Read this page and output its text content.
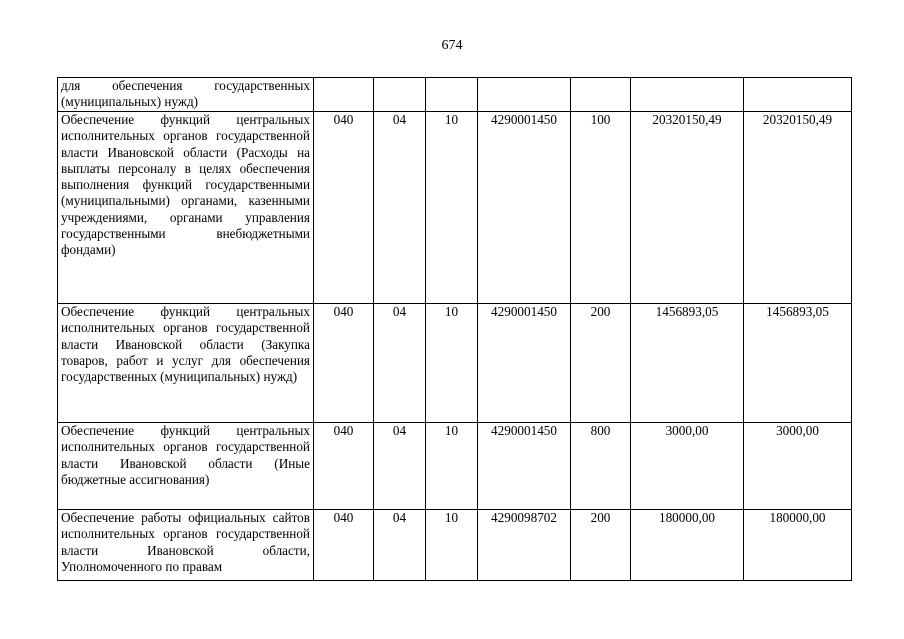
674
для обеспечения государственных (муниципальных) нужд)							
Обеспечение функций центральных исполнительных органов государственной власти Ивановской области (Расходы на выплаты персоналу в целях обеспечения выполнения функций государственными (муниципальными) органами, казенными учреждениями, органами управления государственными внебюджетными фондами)	040	04	10	4290001450	100	20320150,49	20320150,49
Обеспечение функций центральных исполнительных органов государственной власти Ивановской области (Закупка товаров, работ и услуг для обеспечения государственных (муниципальных) нужд)	040	04	10	4290001450	200	1456893,05	1456893,05
Обеспечение функций центральных исполнительных органов государственной власти Ивановской области (Иные бюджетные ассигнования)	040	04	10	4290001450	800	3000,00	3000,00
Обеспечение работы официальных сайтов исполнительных органов государственной власти Ивановской области, Уполномоченного по правам	040	04	10	4290098702	200	180000,00	180000,00
